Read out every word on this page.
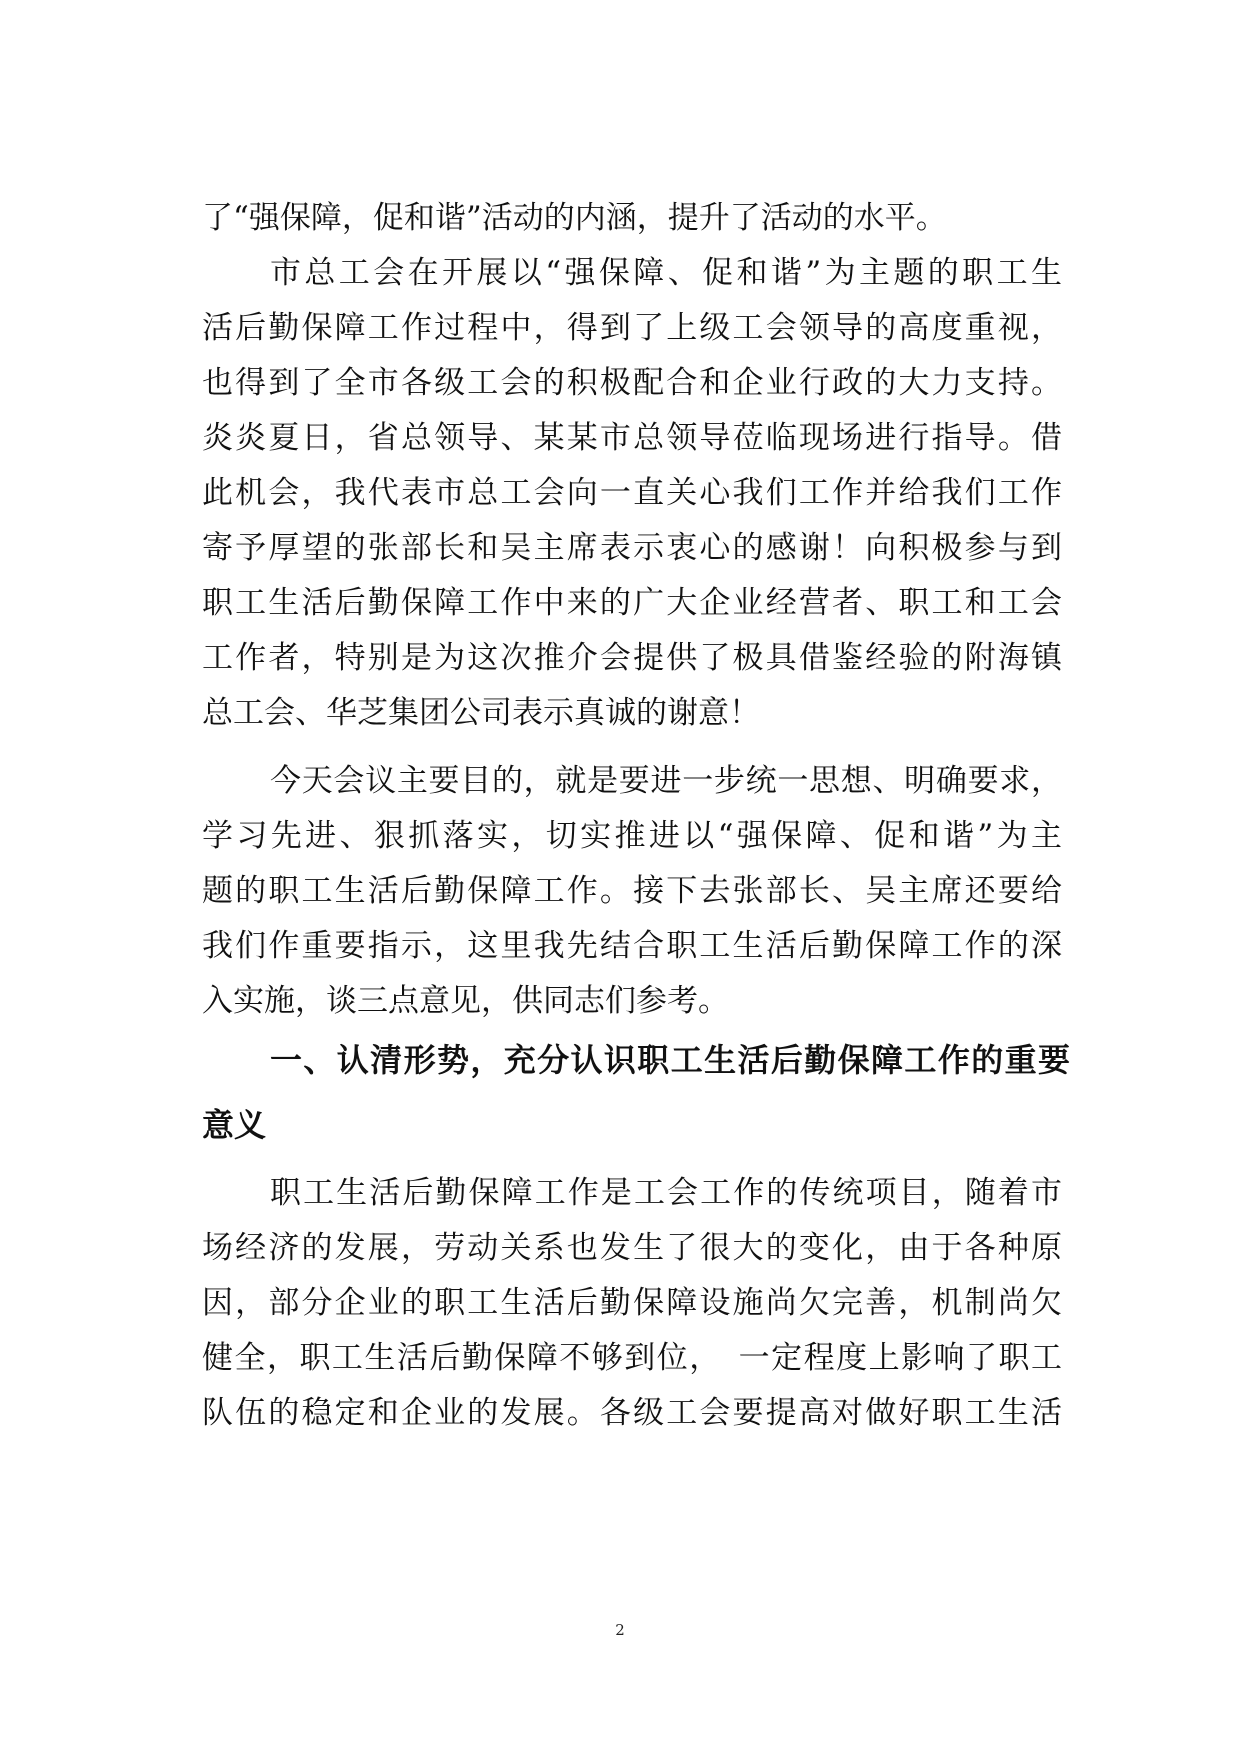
了“强保障，促和谐”活动的内涵，提升了活动的水平。
市总工会在开展以“强保障、促和谐”为主题的职工生
活后勤保障工作过程中，得到了上级工会领导的高度重视，
也得到了全市各级工会的积极配合和企业行政的大力支持。
炎炎夏日，省总领导、某某市总领导莅临现场进行指导。借
此机会，我代表市总工会向一直关心我们工作并给我们工作
寄予厚望的张部长和吴主席表示衷心的感谢！向积极参与到
职工生活后勤保障工作中来的广大企业经营者、职工和工会
工作者，特别是为这次推介会提供了极具借鉴经验的附海镇
总工会、华芝集团公司表示真诚的谢意！
今天会议主要目的，就是要进一步统一思想、明确要求，
学习先进、狠抓落实，切实推进以“强保障、促和谐”为主
题的职工生活后勤保障工作。接下去张部长、吴主席还要给
我们作重要指示，这里我先结合职工生活后勤保障工作的深
入实施，谈三点意见，供同志们参考。
一、认清形势，充分认识职工生活后勤保障工作的重要
意义
职工生活后勤保障工作是工会工作的传统项目，随着市
场经济的发展，劳动关系也发生了很大的变化，由于各种原
因，部分企业的职工生活后勤保障设施尚欠完善，机制尚欠
健全，职工生活后勤保障不够到位，　一定程度上影响了职工
队伍的稳定和企业的发展。各级工会要提高对做好职工生活
2
